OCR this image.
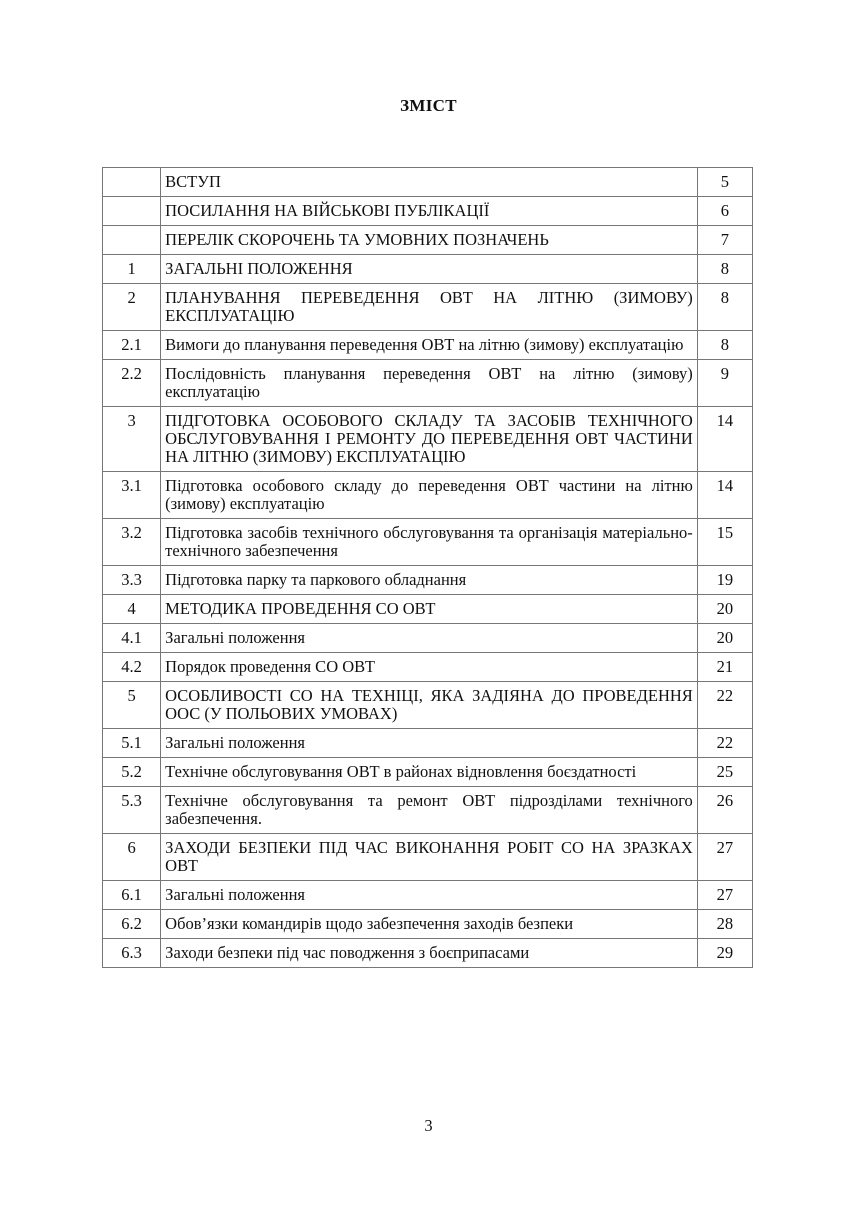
ЗМІСТ
	ВСТУП	5
	ПОСИЛАННЯ НА ВІЙСЬКОВІ ПУБЛІКАЦІЇ	6
	ПЕРЕЛІК СКОРОЧЕНЬ ТА УМОВНИХ ПОЗНАЧЕНЬ	7
1	ЗАГАЛЬНІ ПОЛОЖЕННЯ	8
2	ПЛАНУВАННЯ ПЕРЕВЕДЕННЯ ОВТ НА ЛІТНЮ (ЗИМОВУ) ЕКСПЛУАТАЦІЮ	8
2.1	Вимоги до планування переведення ОВТ на літню (зимову) експлуатацію	8
2.2	Послідовність планування переведення ОВТ на літню (зимову) експлуатацію	9
3	ПІДГОТОВКА ОСОБОВОГО СКЛАДУ ТА ЗАСОБІВ ТЕХНІЧНОГО ОБСЛУГОВУВАННЯ І РЕМОНТУ ДО ПЕРЕВЕДЕННЯ ОВТ ЧАСТИНИ НА ЛІТНЮ (ЗИМОВУ) ЕКСПЛУАТАЦІЮ	14
3.1	Підготовка особового складу до переведення ОВТ частини на літню (зимову) експлуатацію	14
3.2	Підготовка засобів технічного обслуговування та організація матеріально-технічного забезпечення	15
3.3	Підготовка парку та паркового обладнання	19
4	МЕТОДИКА ПРОВЕДЕННЯ СО ОВТ	20
4.1	Загальні положення	20
4.2	Порядок проведення СО ОВТ	21
5	ОСОБЛИВОСТІ СО НА ТЕХНІЦІ, ЯКА ЗАДІЯНА ДО ПРОВЕДЕННЯ ООС (У ПОЛЬОВИХ УМОВАХ)	22
5.1	Загальні положення	22
5.2	Технічне обслуговування ОВТ в районах відновлення боєздатності	25
5.3	Технічне обслуговування та ремонт ОВТ підрозділами технічного забезпечення.	26
6	ЗАХОДИ БЕЗПЕКИ ПІД ЧАС ВИКОНАННЯ РОБІТ СО НА ЗРАЗКАХ ОВТ	27
6.1	Загальні положення	27
6.2	Обов’язки командирів щодо забезпечення заходів безпеки	28
6.3	Заходи безпеки під час поводження з боєприпасами	29
3
